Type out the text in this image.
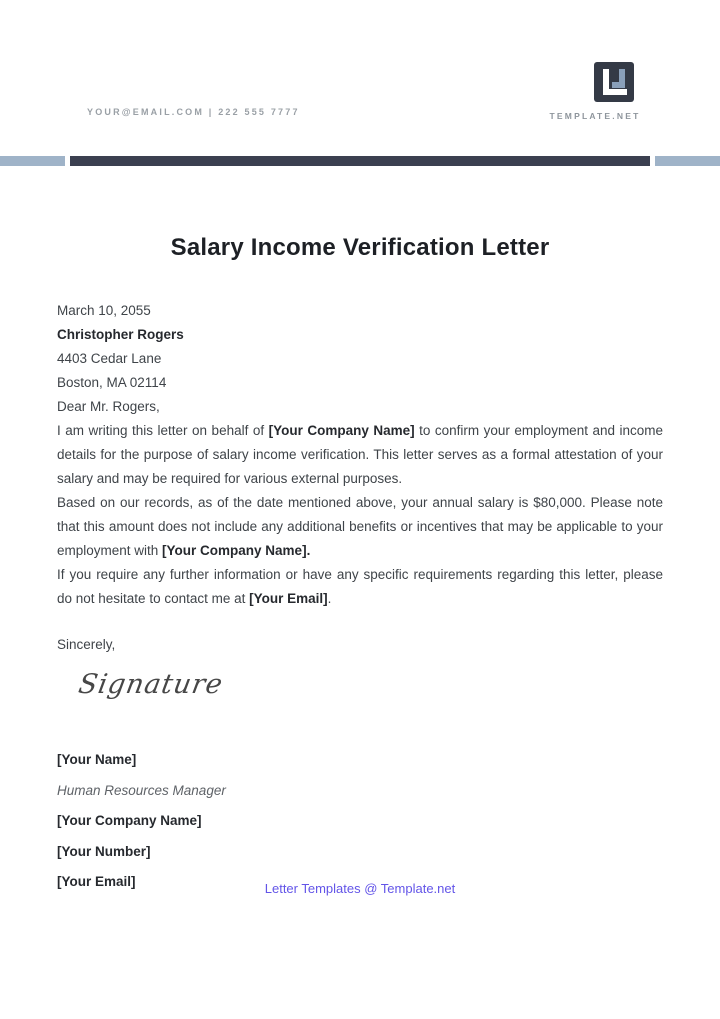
YOUR@EMAIL.COM | 222 555 7777	TEMPLATE.NET
Salary Income Verification Letter
March 10, 2055
Christopher Rogers
4403 Cedar Lane
Boston, MA 02114
Dear Mr. Rogers,

I am writing this letter on behalf of [Your Company Name] to confirm your employment and income details for the purpose of salary income verification. This letter serves as a formal attestation of your salary and may be required for various external purposes.

Based on our records, as of the date mentioned above, your annual salary is $80,000. Please note that this amount does not include any additional benefits or incentives that may be applicable to your employment with [Your Company Name].

If you require any further information or have any specific requirements regarding this letter, please do not hesitate to contact me at [Your Email].

Sincerely,
Signature
[Your Name]
Human Resources Manager
[Your Company Name]
[Your Number]
[Your Email]	Letter Templates @ Template.net
